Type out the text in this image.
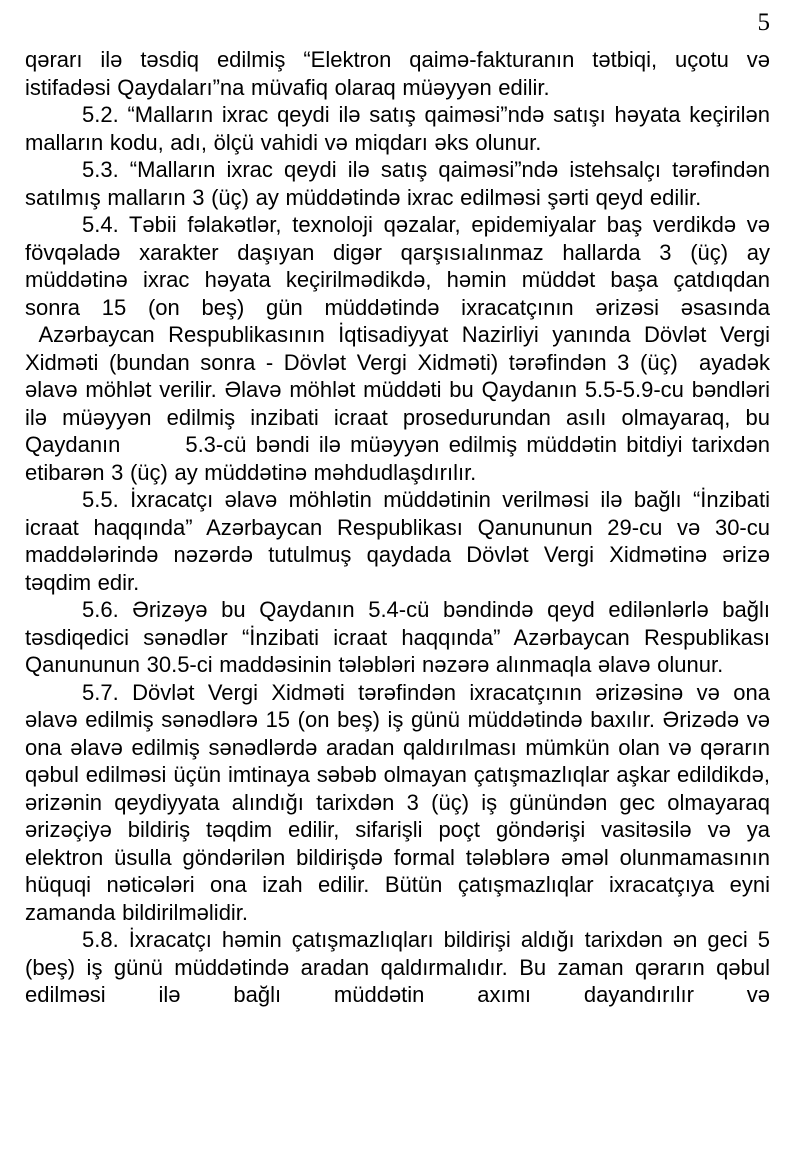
5

qərarı ilə təsdiq edilmiş “Elektron qaimə-fakturanın tətbiqi, uçotu və istifadəsi Qaydaları”na müvafiq olaraq müəyyən edilir.

5.2. “Malların ixrac qeydi ilə satış qaiməsi”ndə satışı həyata keçirilən malların kodu, adı, ölçü vahidi və miqdarı əks olunur.

5.3. “Malların ixrac qeydi ilə satış qaiməsi”ndə istehsalçı tərəfindən satılmış malların 3 (üç) ay müddətində ixrac edilməsi şərti qeyd edilir.

5.4. Təbii fəlakətlər, texnoloji qəzalar, epidemiyalar baş verdikdə və fövqəladə xarakter daşıyan digər qarşısıalınmaz hallarda 3 (üç) ay müddətinə ixrac həyata keçirilmədikdə, həmin müddət başa çatdıqdan sonra 15 (on beş) gün müddətində ixracatçının ərizəsi əsasında  Azərbaycan Respublikasının İqtisadiyyat Nazirliyi yanında Dövlət Vergi Xidməti (bundan sonra - Dövlət Vergi Xidməti) tərəfindən 3 (üç)  ayadək əlavə möhlət verilir. Əlavə möhlət müddəti bu Qaydanın 5.5-5.9-cu bəndləri ilə müəyyən edilmiş inzibati icraat prosedurundan asılı olmayaraq, bu Qaydanın       5.3-cü bəndi ilə müəyyən edilmiş müddətin bitdiyi tarixdən etibarən 3 (üç) ay müddətinə məhdudlaşdırılır.

5.5. İxracatçı əlavə möhlətin müddətinin verilməsi ilə bağlı “İnzibati icraat haqqında” Azərbaycan Respublikası Qanununun 29-cu və 30-cu maddələrində nəzərdə tutulmuş qaydada Dövlət Vergi Xidmətinə ərizə təqdim edir.

5.6. Ərizəyə bu Qaydanın 5.4-cü bəndində qeyd edilənlərlə bağlı təsdiqedici sənədlər “İnzibati icraat haqqında” Azərbaycan Respublikası Qanununun 30.5-ci maddəsinin tələbləri nəzərə alınmaqla əlavə olunur.

5.7. Dövlət Vergi Xidməti tərəfindən ixracatçının ərizəsinə və ona əlavə edilmiş sənədlərə 15 (on beş) iş günü müddətində baxılır. Ərizədə və ona əlavə edilmiş sənədlərdə aradan qaldırılması mümkün olan və qərarın qəbul edilməsi üçün imtinaya səbəb olmayan çatışmazlıqlar aşkar edildikdə, ərizənin qeydiyyata alındığı tarixdən 3 (üç) iş günündən gec olmayaraq ərizəçiyə bildiriş təqdim edilir, sifarişli poçt göndərişi vasitəsilə və ya elektron üsulla göndərilən bildirişdə formal tələblərə əməl olunmamasının hüquqi nəticələri ona izah edilir. Bütün çatışmazlıqlar ixracatçıya eyni zamanda bildirilməlidir.

5.8. İxracatçı həmin çatışmazlıqları bildirişi aldığı tarixdən ən geci 5 (beş) iş günü müddətində aradan qaldırmalıdır. Bu zaman qərarın qəbul edilməsi ilə bağlı müddətin axımı dayandırılır və
